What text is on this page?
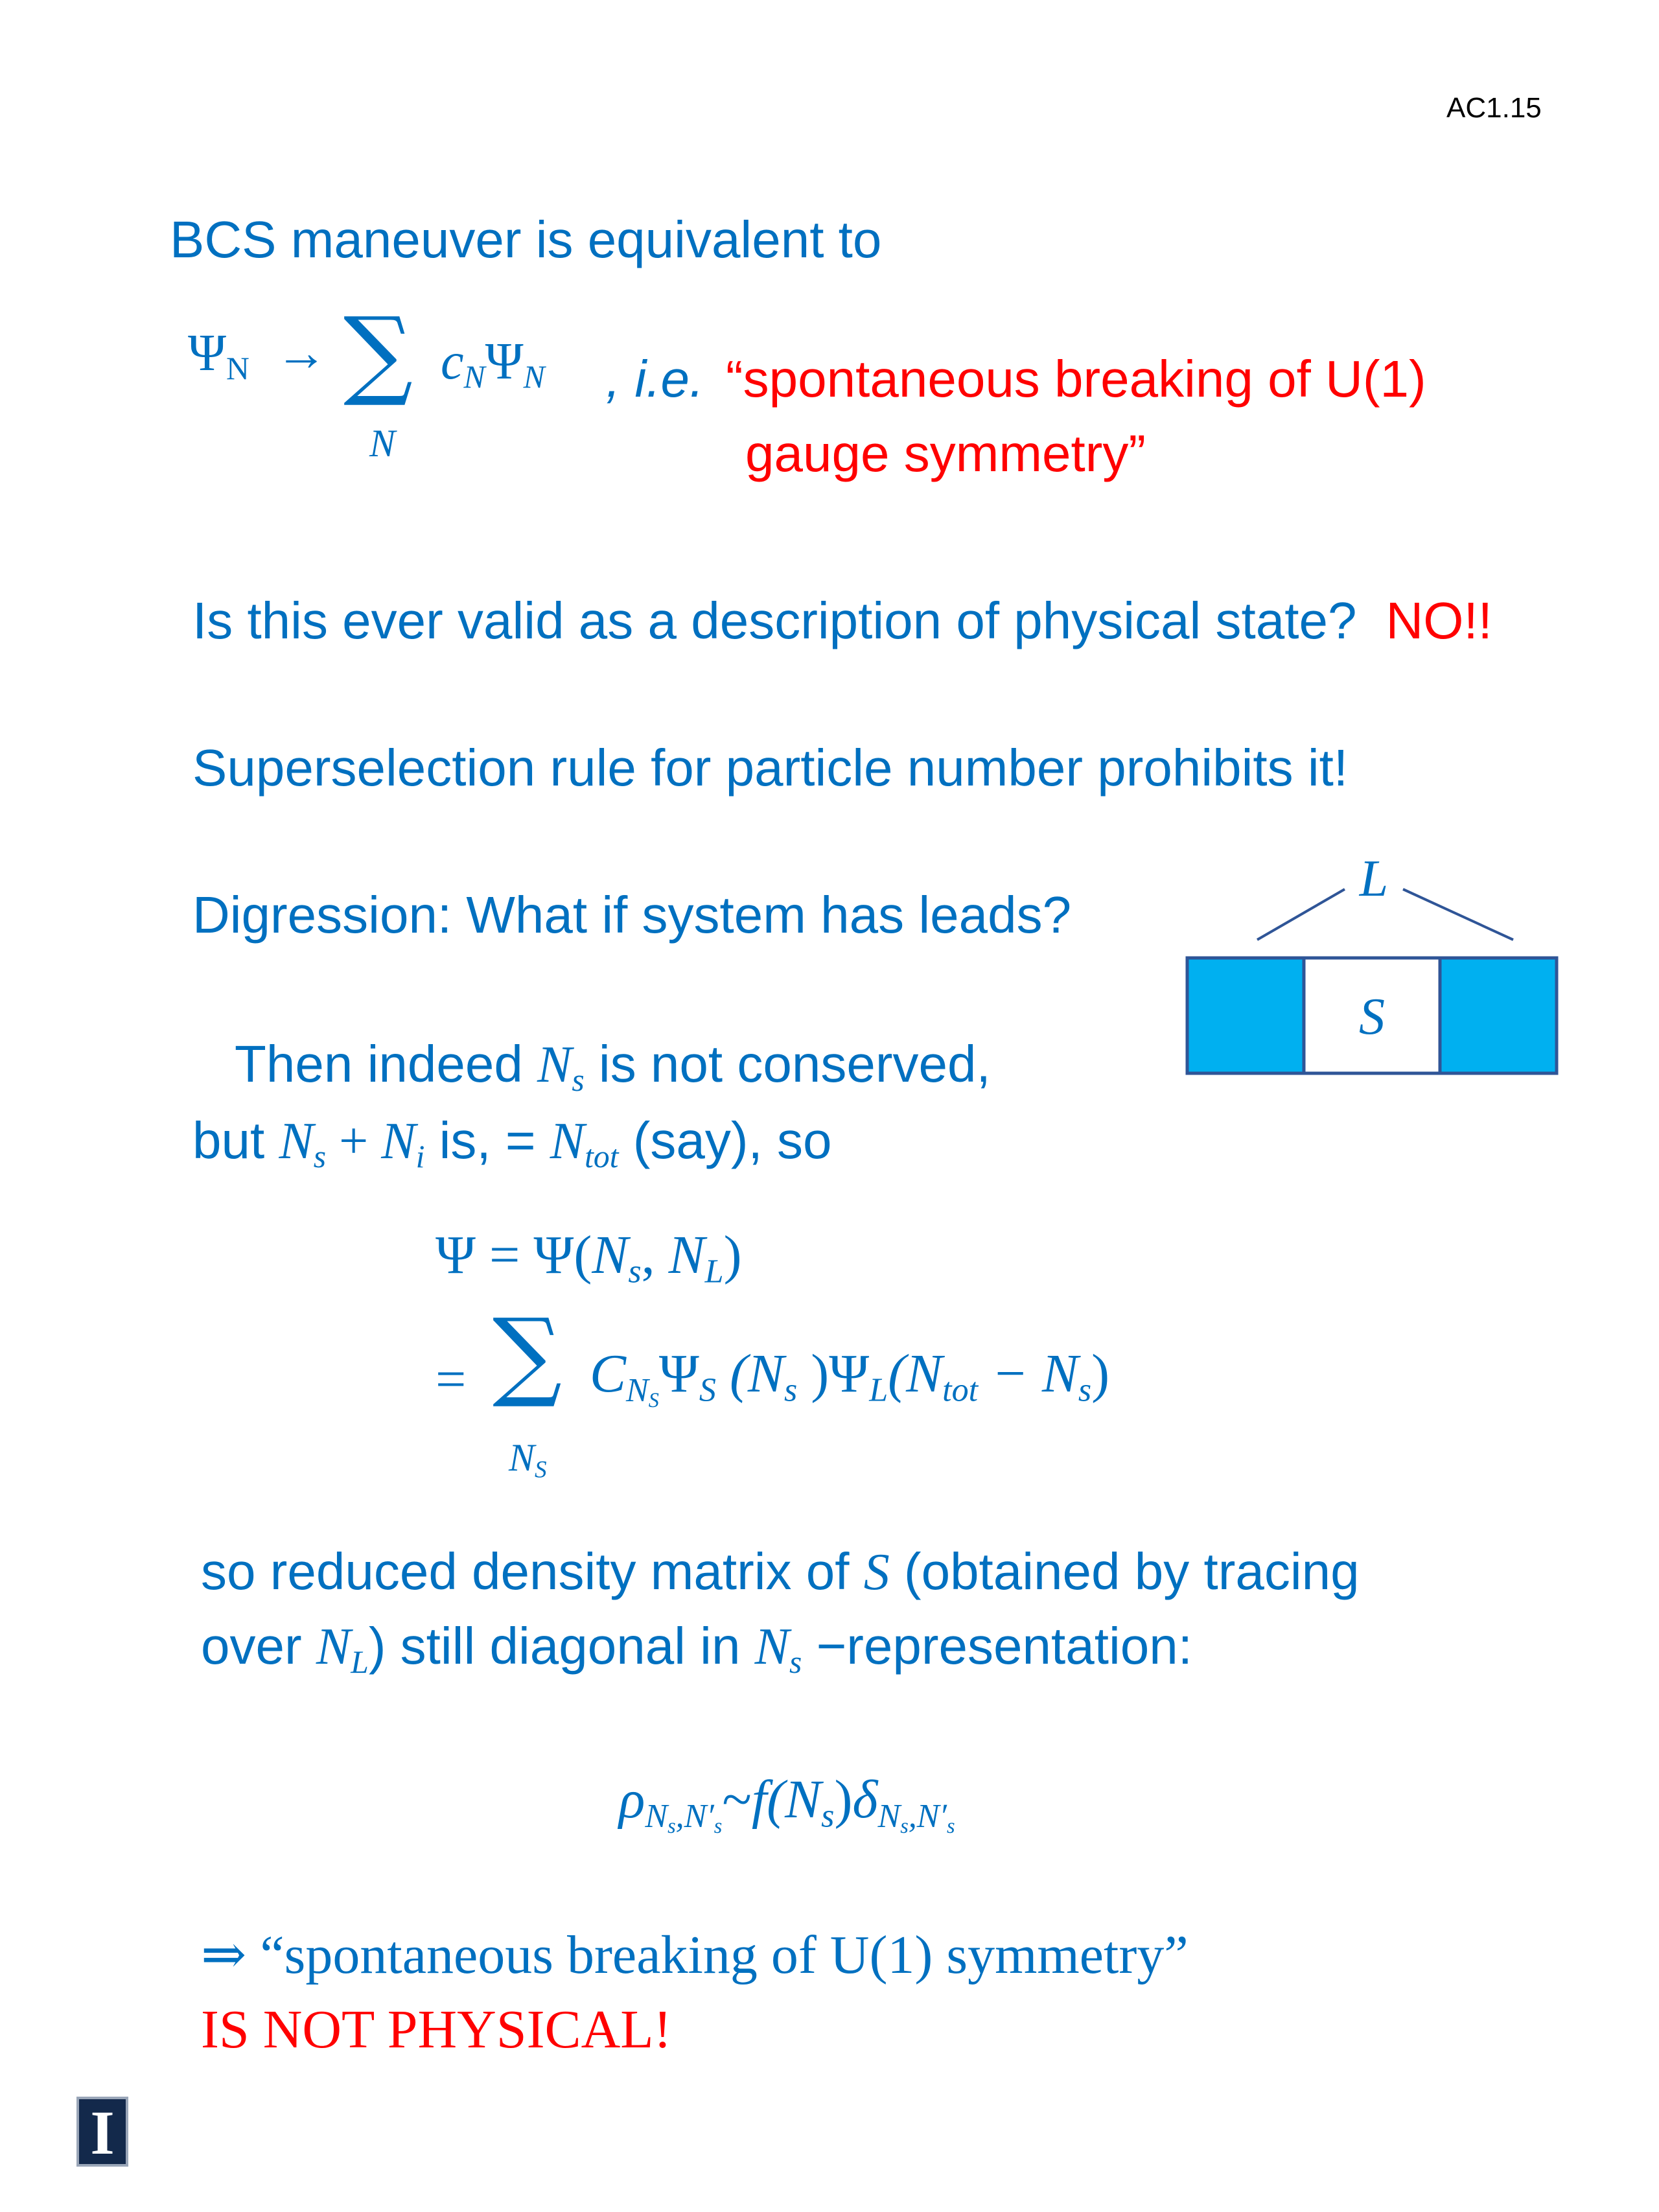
AC1.15
BCS maneuver is equivalent to
$\Psi_N$ → ∑
N
$c_N\Psi_N$ , i.e. “spontaneous breaking of U(1)
gauge symmetry”
Is this ever valid as a description of physical state? NO!!
Superselection rule for particle number prohibits it!
Digression: What if system has leads?
L
S
Then indeed $N_s$ is not conserved,
but $N_s + N_i$ is, = $N_{tot}$ (say), so
$\Psi = \Psi(N_s$, $N_L$)
= ∑
$N_S$
$C_{N_S}\Psi_S$ ($N_s$ )$\Psi_L(N_{tot} - N_s)$
so reduced density matrix of S (obtained by tracing
over $N_L$) still diagonal in $N_s$ −representation:
$\rho_{N_s,N'_s}\sim f(N_s)\delta_{N_s,N'_s}$
⇒ “spontaneous breaking of U(1) symmetry”
IS NOT PHYSICAL!
I
